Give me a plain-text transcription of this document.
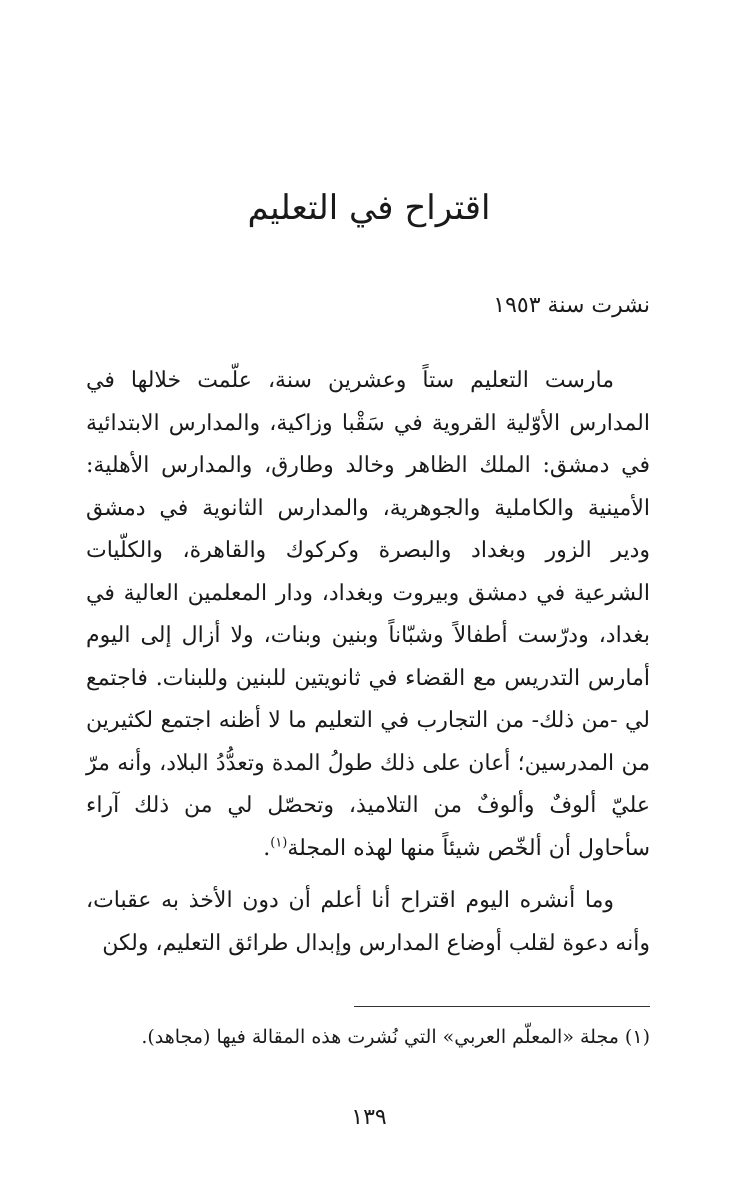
اقتراح في التعليم

نشرت سنة ١٩٥٣

مارست التعليم ستاً وعشرين سنة، علّمت خلالها في المدارس الأوّلية القروية في سَقْبا وزاكية، والمدارس الابتدائية في دمشق: الملك الظاهر وخالد وطارق، والمدارس الأهلية: الأمينية والكاملية والجوهرية، والمدارس الثانوية في دمشق ودير الزور وبغداد والبصرة وكركوك والقاهرة، والكلّيات الشرعية في دمشق وبيروت وبغداد، ودار المعلمين العالية في بغداد، ودرّست أطفالاً وشبّاناً وبنين وبنات، ولا أزال إلى اليوم أمارس التدريس مع القضاء في ثانويتين للبنين وللبنات. فاجتمع لي -من ذلك- من التجارب في التعليم ما لا أظنه اجتمع لكثيرين من المدرسين؛ أعان على ذلك طولُ المدة وتعدُّدُ البلاد، وأنه مرّ عليّ ألوفٌ وألوفٌ من التلاميذ، وتحصّل لي من ذلك آراء سأحاول أن ألخّص شيئاً منها لهذه المجلة$^{(١)}$.

وما أنشره اليوم اقتراح أنا أعلم أن دون الأخذ به عقبات، وأنه دعوة لقلب أوضاع المدارس وإبدال طرائق التعليم، ولكن

(١) مجلة «المعلّم العربي» التي نُشرت هذه المقالة فيها (مجاهد).

١٣٩
